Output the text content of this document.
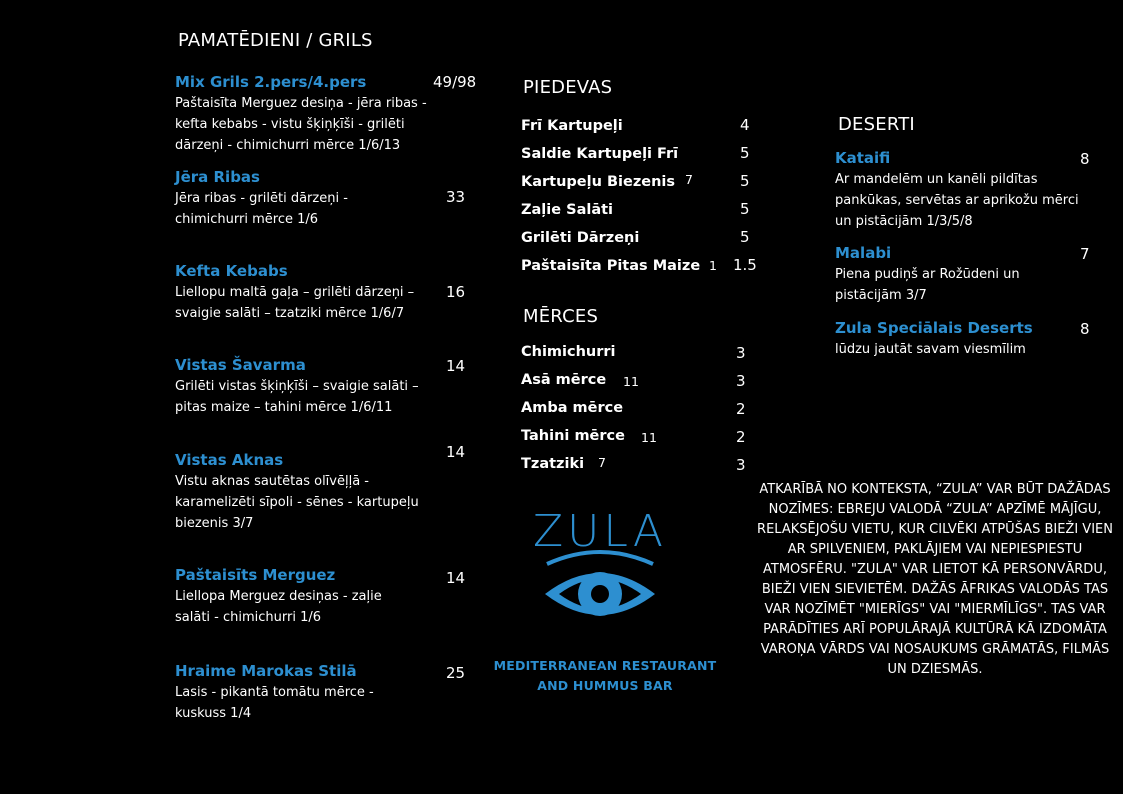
PAMATĒDIENI / GRILS
Mix Grils 2.pers/4.pers
Paštaisīta Merguez desiņa - jēra ribas - kefta kebabs - vistu šķiņķīši - grilēti dārzeņi - chimichurri mērce 1/6/13
49/98
Jēra Ribas
Jēra ribas - grilēti dārzeņi - chimichurri mērce 1/6
33
Kefta Kebabs
Liellopu maltā gaļa – grilēti dārzeņi – svaigie salāti – tzatziki mērce 1/6/7
16
Vistas Šavarma
Grilēti vistas šķiņķīši – svaigie salāti – pitas maize – tahini mērce 1/6/11
14
Vistas Aknas
Vistu aknas sautētas olīvēļļā - karamelizēti sīpoli - sēnes - kartupeļu biezenis 3/7
14
Paštaisīts Merguez
Liellopa Merguez desiņas - zaļie salāti - chimichurri 1/6
14
Hraime Marokas Stilā
Lasis - pikantā tomātu mērce - kuskuss 1/4
25
PIEDEVAS
Frī Kartupeļi	4
Saldie Kartupeļi Frī	5
Kartupeļu Biezenis 7	5
Zaļie Salāti	5
Grilēti Dārzeņi	5
Paštaisīta Pitas Maize 1 1.5
MĒRCES
Chimichurri	3
Asā mērce 11	3
Amba mērce	2
Tahini mērce 11	2
Tzatziki 7	3
ZULA
MEDITERRANEAN RESTAURANT
AND HUMMUS BAR
DESERTI
Kataifi
Ar mandelēm un kanēli pildītas pankūkas, servētas ar aprikožu mērci un pistācijām 1/3/5/8
8
Malabi
Piena pudiņš ar Rožūdeni un pistācijām 3/7
7
Zula Speciālais Deserts
lūdzu jautāt savam viesmīlim
8
ATKARĪBĀ NO KONTEKSTA, “ZULA” VAR BŪT DAŽĀDAS NOZĪMES: EBREJU VALODĀ “ZULA” APZĪMĒ MĀJĪGU, RELAKSĒJOŠU VIETU, KUR CILVĒKI ATPŪŠAS BIEŽI VIEN AR SPILVENIEM, PAKLĀJIEM VAI NEPIESPIESTU ATMOSFĒRU. "ZULA" VAR LIETOT KĀ PERSONVĀRDU, BIEŽI VIEN SIEVIETĒM. DAŽĀS ĀFRIKAS VALODĀS TAS VAR NOZĪMĒT "MIERĪGS" VAI "MIERMĪLĪGS". TAS VAR PARĀDĪTIES ARĪ POPULĀRAJĀ KULTŪRĀ KĀ IZDOMĀTA VAROŅA VĀRDS VAI NOSAUKUMS GRĀMATĀS, FILMĀS UN DZIESMĀS.
